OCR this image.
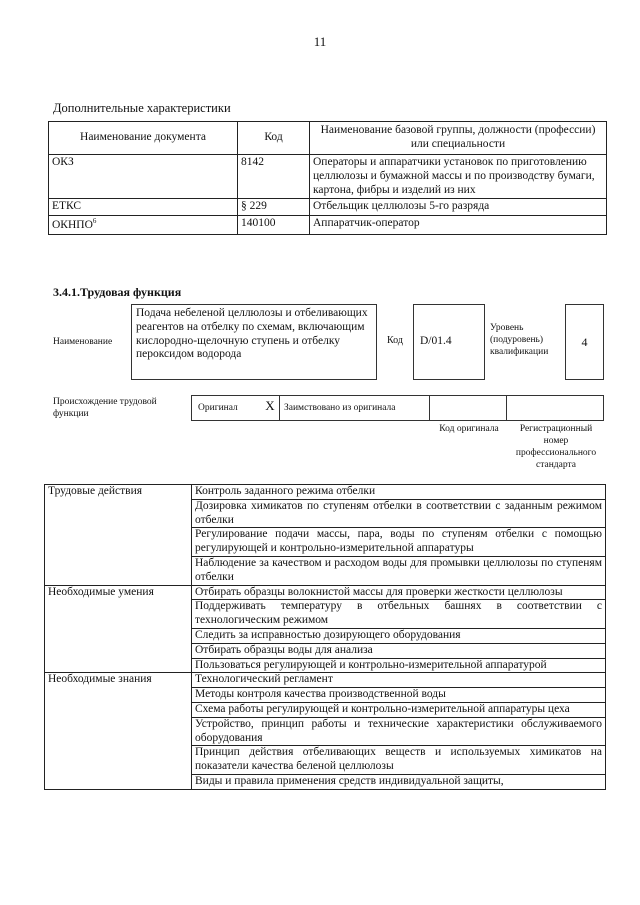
11
Дополнительные характеристики
Наименование документа	Код	Наименование базовой группы, должности (профессии) или специальности
ОКЗ	8142	Операторы и аппаратчики установок по приготовлению целлюлозы и бумажной массы и по производству бумаги, картона, фибры и изделий из них
ЕТКС	§ 229	Отбельщик целлюлозы 5-го разряда
ОКНПО$^6$	140100	Аппаратчик-оператор
3.4.1.Трудовая функция
Наименование
Подача небеленой целлюлозы и отбеливающих реагентов на отбелку по схемам, включающим кислородно-щелочную ступень и отбелку пероксидом водорода
Код	D/01.4
Уровень (подуровень) квалификации
4
Происхождение трудовой функции
Оригинал X Заимствовано из оригинала
Код оригинала	Регистрационный номер профессионального стандарта
Трудовые действия	Контроль заданного режима отбелки
	Дозировка химикатов по ступеням отбелки в соответствии с заданным режимом отбелки
	Регулирование подачи массы, пара, воды по ступеням отбелки с помощью регулирующей и контрольно-измерительной аппаратуры
	Наблюдение за качеством и расходом воды для промывки целлюлозы по ступеням отбелки
Необходимые умения	Отбирать образцы волокнистой массы для проверки жесткости целлюлозы
	Поддерживать температуру в отбельных башнях в соответствии с технологическим режимом
	Следить за исправностью дозирующего оборудования
	Отбирать образцы воды для анализа
	Пользоваться регулирующей и контрольно-измерительной аппаратурой
Необходимые знания	Технологический регламент
	Методы контроля качества производственной воды
	Схема работы регулирующей и контрольно-измерительной аппаратуры цеха
	Устройство, принцип работы и технические характеристики обслуживаемого оборудования
	Принцип действия отбеливающих веществ и используемых химикатов на показатели качества беленой целлюлозы
	Виды и правила применения средств индивидуальной защиты,
